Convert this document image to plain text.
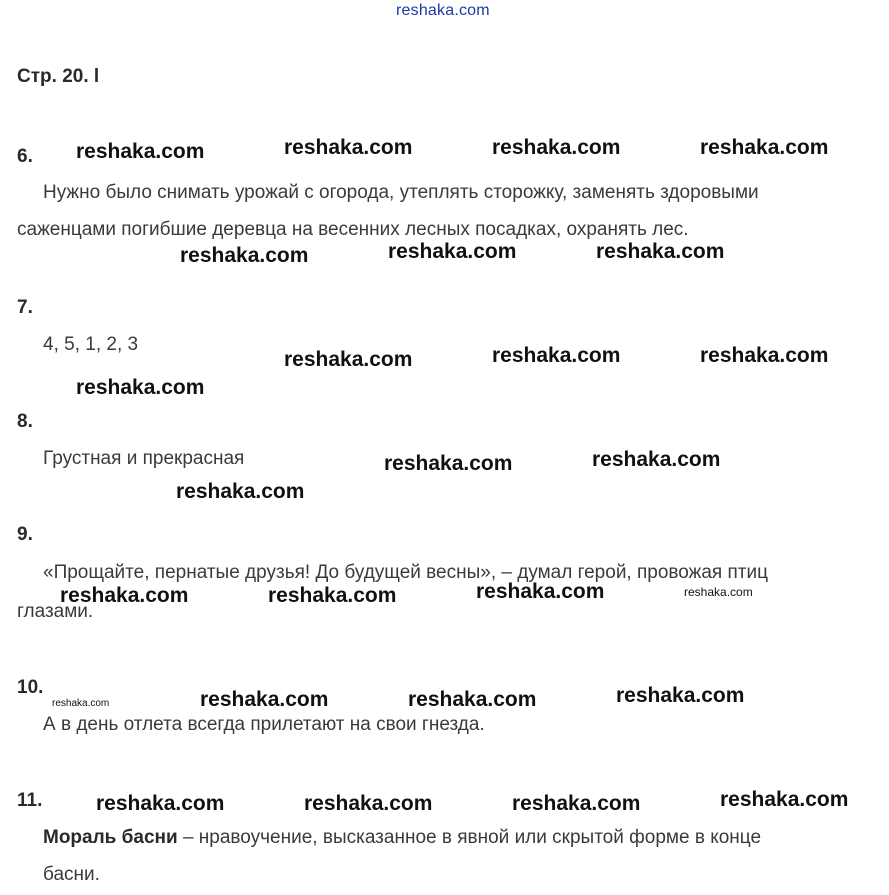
reshaka.com
Стр. 20. l
6.
Нужно было снимать урожай с огорода, утеплять сторожку, заменять здоровыми
саженцами погибшие деревца на весенних лесных посадках, охранять лес.
7.
4, 5, 1, 2, 3
8.
Грустная и прекрасная
9.
«Прощайте, пернатые друзья! До будущей весны», – думал герой, провожая птиц
глазами.
10.
А в день отлета всегда прилетают на свои гнезда.
11.
Мораль басни – нравоучение, высказанное в явной или скрытой форме в конце
басни.
reshaka.com	reshaka.com	reshaka.com	reshaka.com
reshaka.com	reshaka.com	reshaka.com
reshaka.com	reshaka.com	reshaka.com
reshaka.com
reshaka.com	reshaka.com
reshaka.com
reshaka.com	reshaka.com	reshaka.com	reshaka.com
reshaka.com	reshaka.com	reshaka.com	reshaka.com
reshaka.com	reshaka.com	reshaka.com	reshaka.com
